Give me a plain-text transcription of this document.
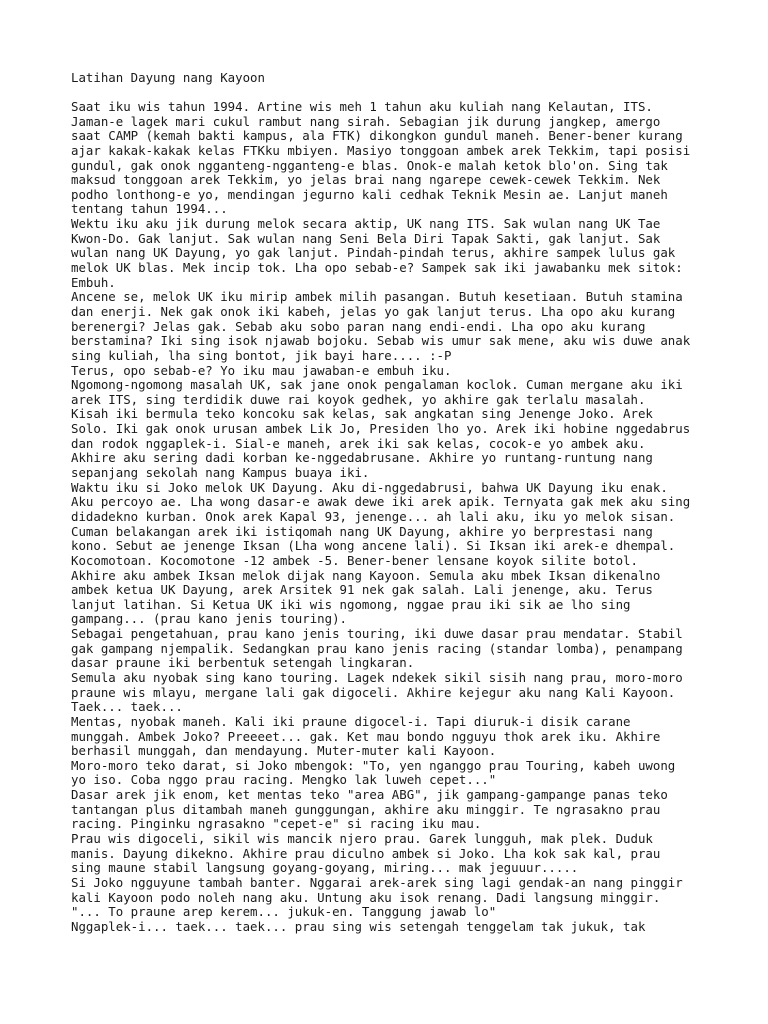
Latihan Dayung nang Kayoon
Saat iku wis tahun 1994. Artine wis meh 1 tahun aku kuliah nang Kelautan, ITS.
Jaman-e lagek mari cukul rambut nang sirah. Sebagian jik durung jangkep, amergo
saat CAMP (kemah bakti kampus, ala FTK) dikongkon gundul maneh. Bener-bener kurang
ajar kakak-kakak kelas FTKku mbiyen. Masiyo tonggoan ambek arek Tekkim, tapi posisi
gundul, gak onok ngganteng-ngganteng-e blas. Onok-e malah ketok blo'on. Sing tak
maksud tonggoan arek Tekkim, yo jelas brai nang ngarepe cewek-cewek Tekkim. Nek
podho lonthong-e yo, mendingan jegurno kali cedhak Teknik Mesin ae. Lanjut maneh
tentang tahun 1994...
Wektu iku aku jik durung melok secara aktip, UK nang ITS. Sak wulan nang UK Tae
Kwon-Do. Gak lanjut. Sak wulan nang Seni Bela Diri Tapak Sakti, gak lanjut. Sak
wulan nang UK Dayung, yo gak lanjut. Pindah-pindah terus, akhire sampek lulus gak
melok UK blas. Mek incip tok. Lha opo sebab-e? Sampek sak iki jawabanku mek sitok:
Embuh.
Ancene se, melok UK iku mirip ambek milih pasangan. Butuh kesetiaan. Butuh stamina
dan enerji. Nek gak onok iki kabeh, jelas yo gak lanjut terus. Lha opo aku kurang
berenergi? Jelas gak. Sebab aku sobo paran nang endi-endi. Lha opo aku kurang
berstamina? Iki sing isok njawab bojoku. Sebab wis umur sak mene, aku wis duwe anak
sing kuliah, lha sing bontot, jik bayi hare.... :-P
Terus, opo sebab-e? Yo iku mau jawaban-e embuh iku.
Ngomong-ngomong masalah UK, sak jane onok pengalaman koclok. Cuman mergane aku iki
arek ITS, sing terdidik duwe rai koyok gedhek, yo akhire gak terlalu masalah.
Kisah iki bermula teko koncoku sak kelas, sak angkatan sing Jenenge Joko. Arek
Solo. Iki gak onok urusan ambek Lik Jo, Presiden lho yo. Arek iki hobine nggedabrus
dan rodok nggaplek-i. Sial-e maneh, arek iki sak kelas, cocok-e yo ambek aku.
Akhire aku sering dadi korban ke-nggedabrusane. Akhire yo runtang-runtung nang
sepanjang sekolah nang Kampus buaya iki.
Waktu iku si Joko melok UK Dayung. Aku di-nggedabrusi, bahwa UK Dayung iku enak.
Aku percoyo ae. Lha wong dasar-e awak dewe iki arek apik. Ternyata gak mek aku sing
didadekno kurban. Onok arek Kapal 93, jenenge... ah lali aku, iku yo melok sisan.
Cuman belakangan arek iki istiqomah nang UK Dayung, akhire yo berprestasi nang
kono. Sebut ae jenenge Iksan (Lha wong ancene lali). Si Iksan iki arek-e dhempal.
Kocomotoan. Kocomotone -12 ambek -5. Bener-bener lensane koyok silite botol.
Akhire aku ambek Iksan melok dijak nang Kayoon. Semula aku mbek Iksan dikenalno
ambek ketua UK Dayung, arek Arsitek 91 nek gak salah. Lali jenenge, aku. Terus
lanjut latihan. Si Ketua UK iki wis ngomong, nggae prau iki sik ae lho sing
gampang... (prau kano jenis touring).
Sebagai pengetahuan, prau kano jenis touring, iki duwe dasar prau mendatar. Stabil
gak gampang njempalik. Sedangkan prau kano jenis racing (standar lomba), penampang
dasar praune iki berbentuk setengah lingkaran.
Semula aku nyobak sing kano touring. Lagek ndekek sikil sisih nang prau, moro-moro
praune wis mlayu, mergane lali gak digoceli. Akhire kejegur aku nang Kali Kayoon.
Taek... taek...
Mentas, nyobak maneh. Kali iki praune digocel-i. Tapi diuruk-i disik carane
munggah. Ambek Joko? Preeeet... gak. Ket mau bondo ngguyu thok arek iku. Akhire
berhasil munggah, dan mendayung. Muter-muter kali Kayoon.
Moro-moro teko darat, si Joko mbengok: "To, yen nganggo prau Touring, kabeh uwong
yo iso. Coba nggo prau racing. Mengko lak luweh cepet..."
Dasar arek jik enom, ket mentas teko "area ABG", jik gampang-gampange panas teko
tantangan plus ditambah maneh gunggungan, akhire aku minggir. Te ngrasakno prau
racing. Pinginku ngrasakno "cepet-e" si racing iku mau.
Prau wis digoceli, sikil wis mancik njero prau. Garek lungguh, mak plek. Duduk
manis. Dayung dikekno. Akhire prau diculno ambek si Joko. Lha kok sak kal, prau
sing maune stabil langsung goyang-goyang, miring... mak jeguuur.....
Si Joko ngguyune tambah banter. Nggarai arek-arek sing lagi gendak-an nang pinggir
kali Kayoon podo noleh nang aku. Untung aku isok renang. Dadi langsung minggir.
"... To praune arep kerem... jukuk-en. Tanggung jawab lo"
Nggaplek-i... taek... taek... prau sing wis setengah tenggelam tak jukuk, tak
